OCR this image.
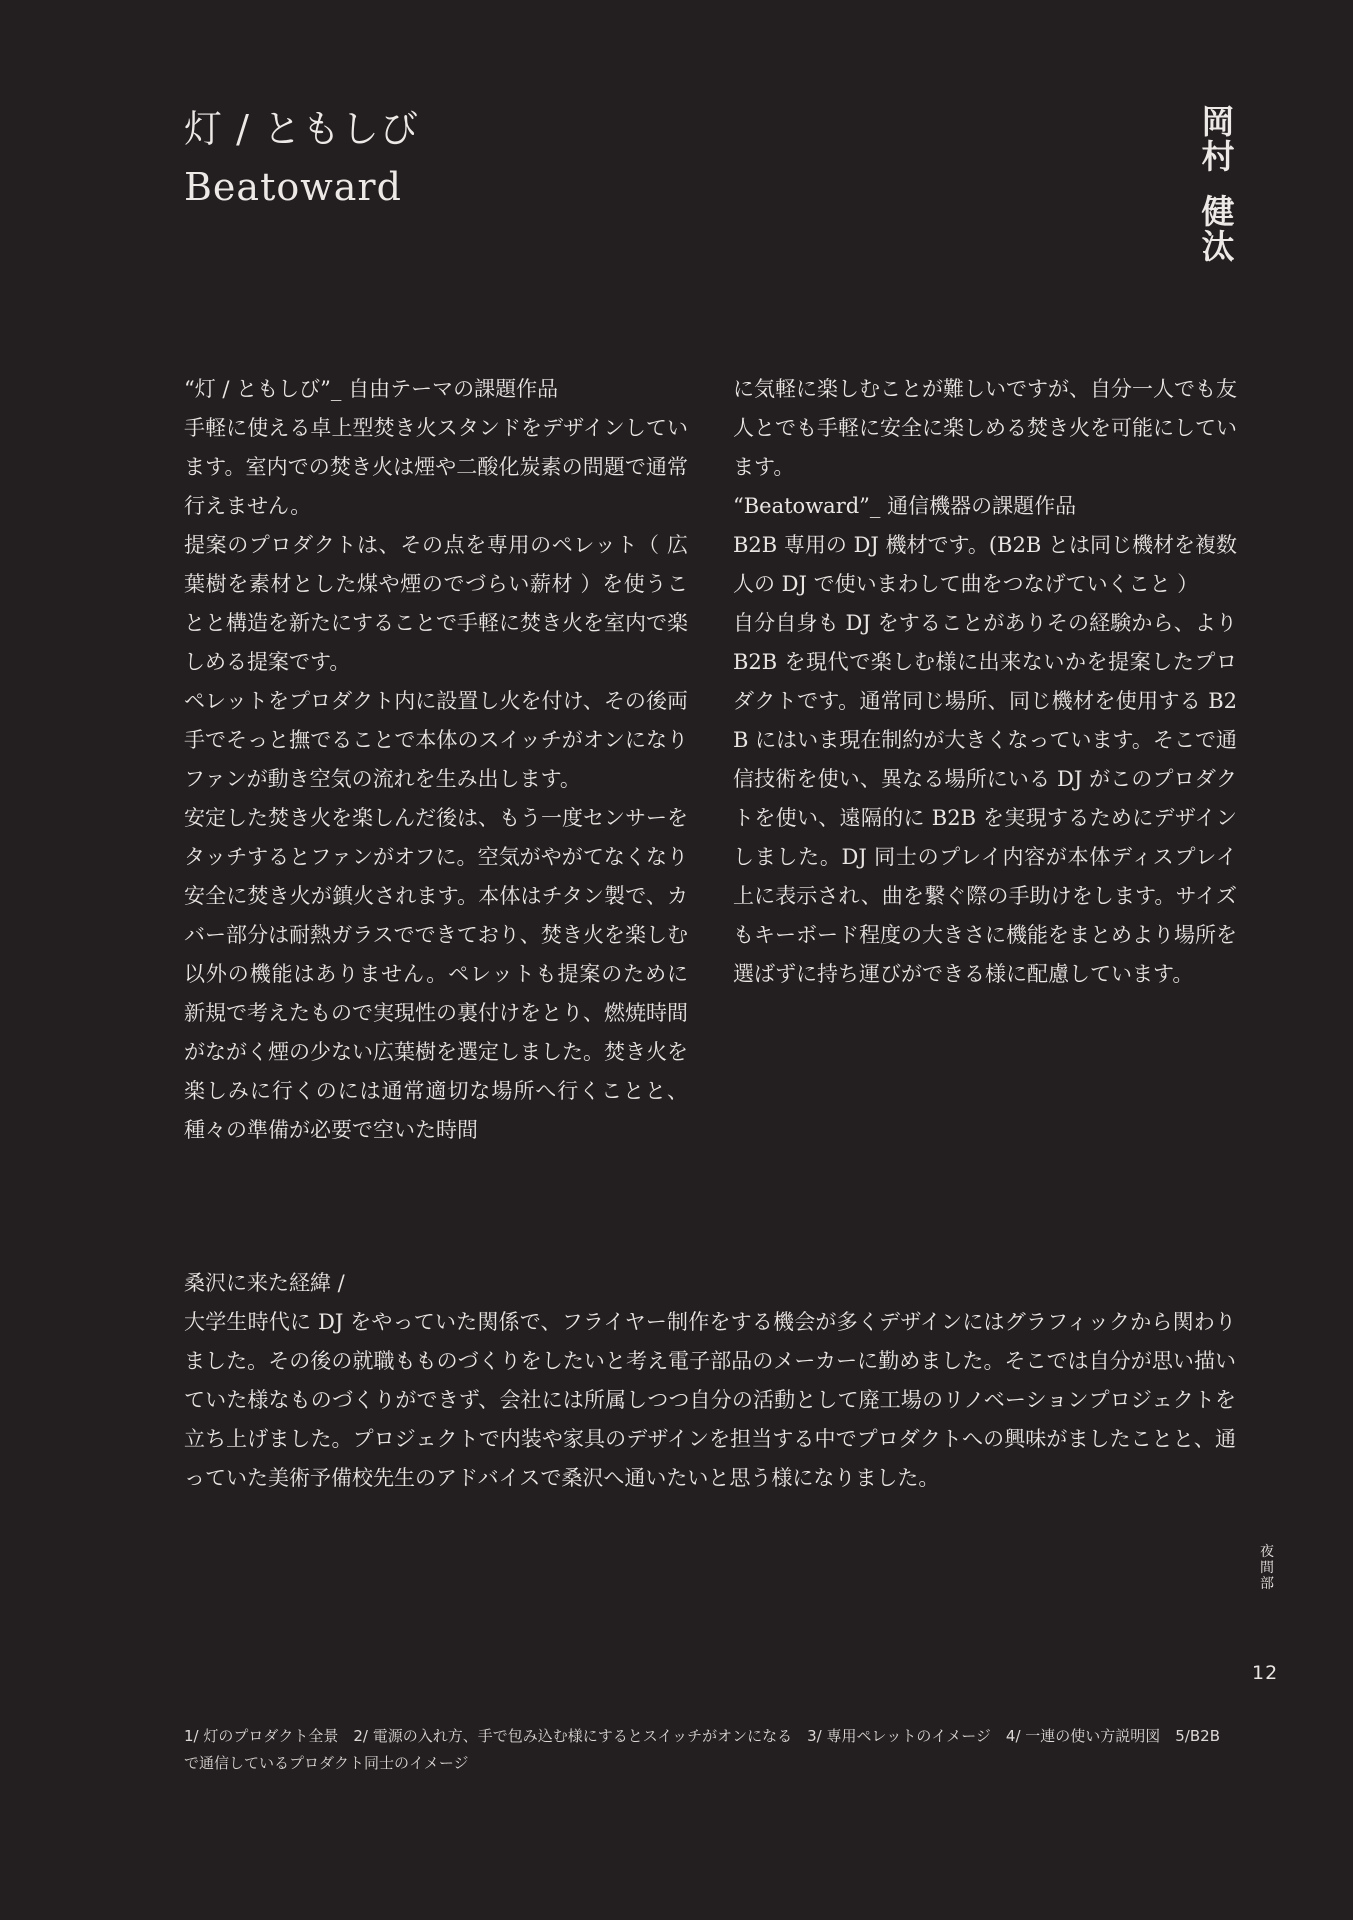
灯 / ともしび
Beatoward
岡村
健汰

“灯 / ともしび”_ 自由テーマの課題作品

手軽に使える卓上型焚き火スタンドをデザインしています。室内での焚き火は煙や二酸化炭素の問題で通常行えません。

提案のプロダクトは、その点を専用のペレット（ 広葉樹を素材とした煤や煙のでづらい薪材 ）を使うことと構造を新たにすることで手軽に焚き火を室内で楽しめる提案です。

ペレットをプロダクト内に設置し火を付け、その後両手でそっと撫でることで本体のスイッチがオンになりファンが動き空気の流れを生み出します。

安定した焚き火を楽しんだ後は、もう一度センサーをタッチするとファンがオフに。空気がやがてなくなり安全に焚き火が鎮火されます。本体はチタン製で、カバー部分は耐熱ガラスでできており、焚き火を楽しむ以外の機能はありません。ペレットも提案のために新規で考えたもので実現性の裏付けをとり、燃焼時間がながく煙の少ない広葉樹を選定しました。焚き火を楽しみに行くのには通常適切な場所へ行くことと、種々の準備が必要で空いた時間

に気軽に楽しむことが難しいですが、自分一人でも友人とでも手軽に安全に楽しめる焚き火を可能にしています。

“Beatoward”_ 通信機器の課題作品

B2B 専用の DJ 機材です。(B2B とは同じ機材を複数人の DJ で使いまわして曲をつなげていくこと ）

自分自身も DJ をすることがありその経験から、より B2B を現代で楽しむ様に出来ないかを提案したプロダクトです。通常同じ場所、同じ機材を使用する B2B にはいま現在制約が大きくなっています。そこで通信技術を使い、異なる場所にいる DJ がこのプロダクトを使い、遠隔的に B2B を実現するためにデザインしました。DJ 同士のプレイ内容が本体ディスプレイ上に表示され、曲を繋ぐ際の手助けをします。サイズもキーボード程度の大きさに機能をまとめより場所を選ばずに持ち運びができる様に配慮しています。

桑沢に来た経緯 /

大学生時代に DJ をやっていた関係で、フライヤー制作をする機会が多くデザインにはグラフィックから関わりました。その後の就職もものづくりをしたいと考え電子部品のメーカーに勤めました。そこでは自分が思い描いていた様なものづくりができず、会社には所属しつつ自分の活動として廃工場のリノベーションプロジェクトを立ち上げました。プロジェクトで内装や家具のデザインを担当する中でプロダクトへの興味がましたことと、通っていた美術予備校先生のアドバイスで桑沢へ通いたいと思う様になりました。

夜間部
12
1/ 灯のプロダクト全景　2/ 電源の入れ方、手で包み込む様にするとスイッチがオンになる　3/ 専用ペレットのイメージ　4/ 一連の使い方説明図　5/B2B で通信しているプロダクト同士のイメージ
